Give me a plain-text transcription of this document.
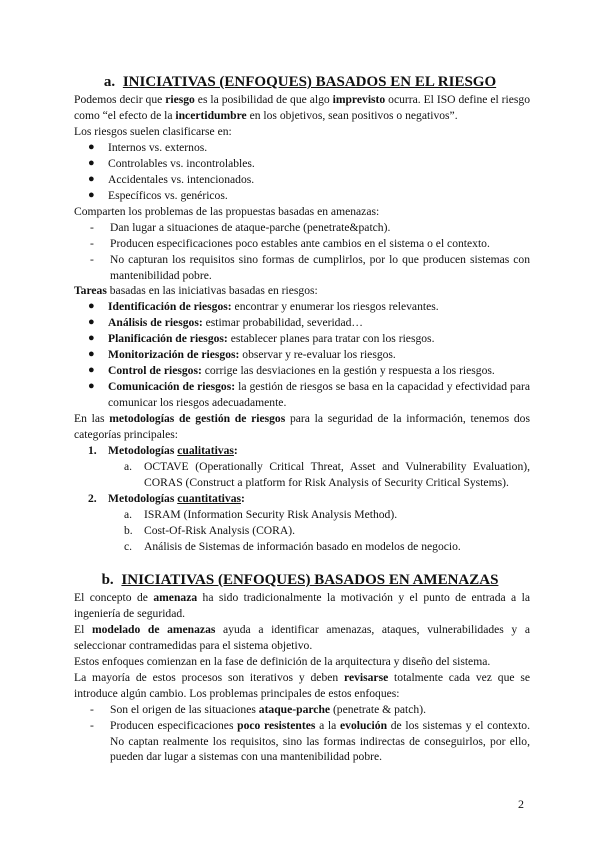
a. INICIATIVAS (ENFOQUES) BASADOS EN EL RIESGO
Podemos decir que riesgo es la posibilidad de que algo imprevisto ocurra. El ISO define el riesgo como “el efecto de la incertidumbre en los objetivos, sean positivos o negativos”.
Los riesgos suelen clasificarse en:
● Internos vs. externos.
● Controlables vs. incontrolables.
● Accidentales vs. intencionados.
● Específicos vs. genéricos.
Comparten los problemas de las propuestas basadas en amenazas:
- Dan lugar a situaciones de ataque-parche (penetrate&patch).
- Producen especificaciones poco estables ante cambios en el sistema o el contexto.
- No capturan los requisitos sino formas de cumplirlos, por lo que producen sistemas con mantenibilidad pobre.
Tareas basadas en las iniciativas basadas en riesgos:
● Identificación de riesgos: encontrar y enumerar los riesgos relevantes.
● Análisis de riesgos: estimar probabilidad, severidad…
● Planificación de riesgos: establecer planes para tratar con los riesgos.
● Monitorización de riesgos: observar y re-evaluar los riesgos.
● Control de riesgos: corrige las desviaciones en la gestión y respuesta a los riesgos.
● Comunicación de riesgos: la gestión de riesgos se basa en la capacidad y efectividad para comunicar los riesgos adecuadamente.
En las metodologías de gestión de riesgos para la seguridad de la información, tenemos dos categorías principales:
1. Metodologías cualitativas:
a. OCTAVE (Operationally Critical Threat, Asset and Vulnerability Evaluation), CORAS (Construct a platform for Risk Analysis of Security Critical Systems).
2. Metodologías cuantitativas:
a. ISRAM (Information Security Risk Analysis Method).
b. Cost-Of-Risk Analysis (CORA).
c. Análisis de Sistemas de información basado en modelos de negocio.
b. INICIATIVAS (ENFOQUES) BASADOS EN AMENAZAS
El concepto de amenaza ha sido tradicionalmente la motivación y el punto de entrada a la ingeniería de seguridad.
El modelado de amenazas ayuda a identificar amenazas, ataques, vulnerabilidades y a seleccionar contramedidas para el sistema objetivo.
Estos enfoques comienzan en la fase de definición de la arquitectura y diseño del sistema.
La mayoría de estos procesos son iterativos y deben revisarse totalmente cada vez que se introduce algún cambio. Los problemas principales de estos enfoques:
- Son el origen de las situaciones ataque-parche (penetrate & patch).
- Producen especificaciones poco resistentes a la evolución de los sistemas y el contexto. No captan realmente los requisitos, sino las formas indirectas de conseguirlos, por ello, pueden dar lugar a sistemas con una mantenibilidad pobre.
2
